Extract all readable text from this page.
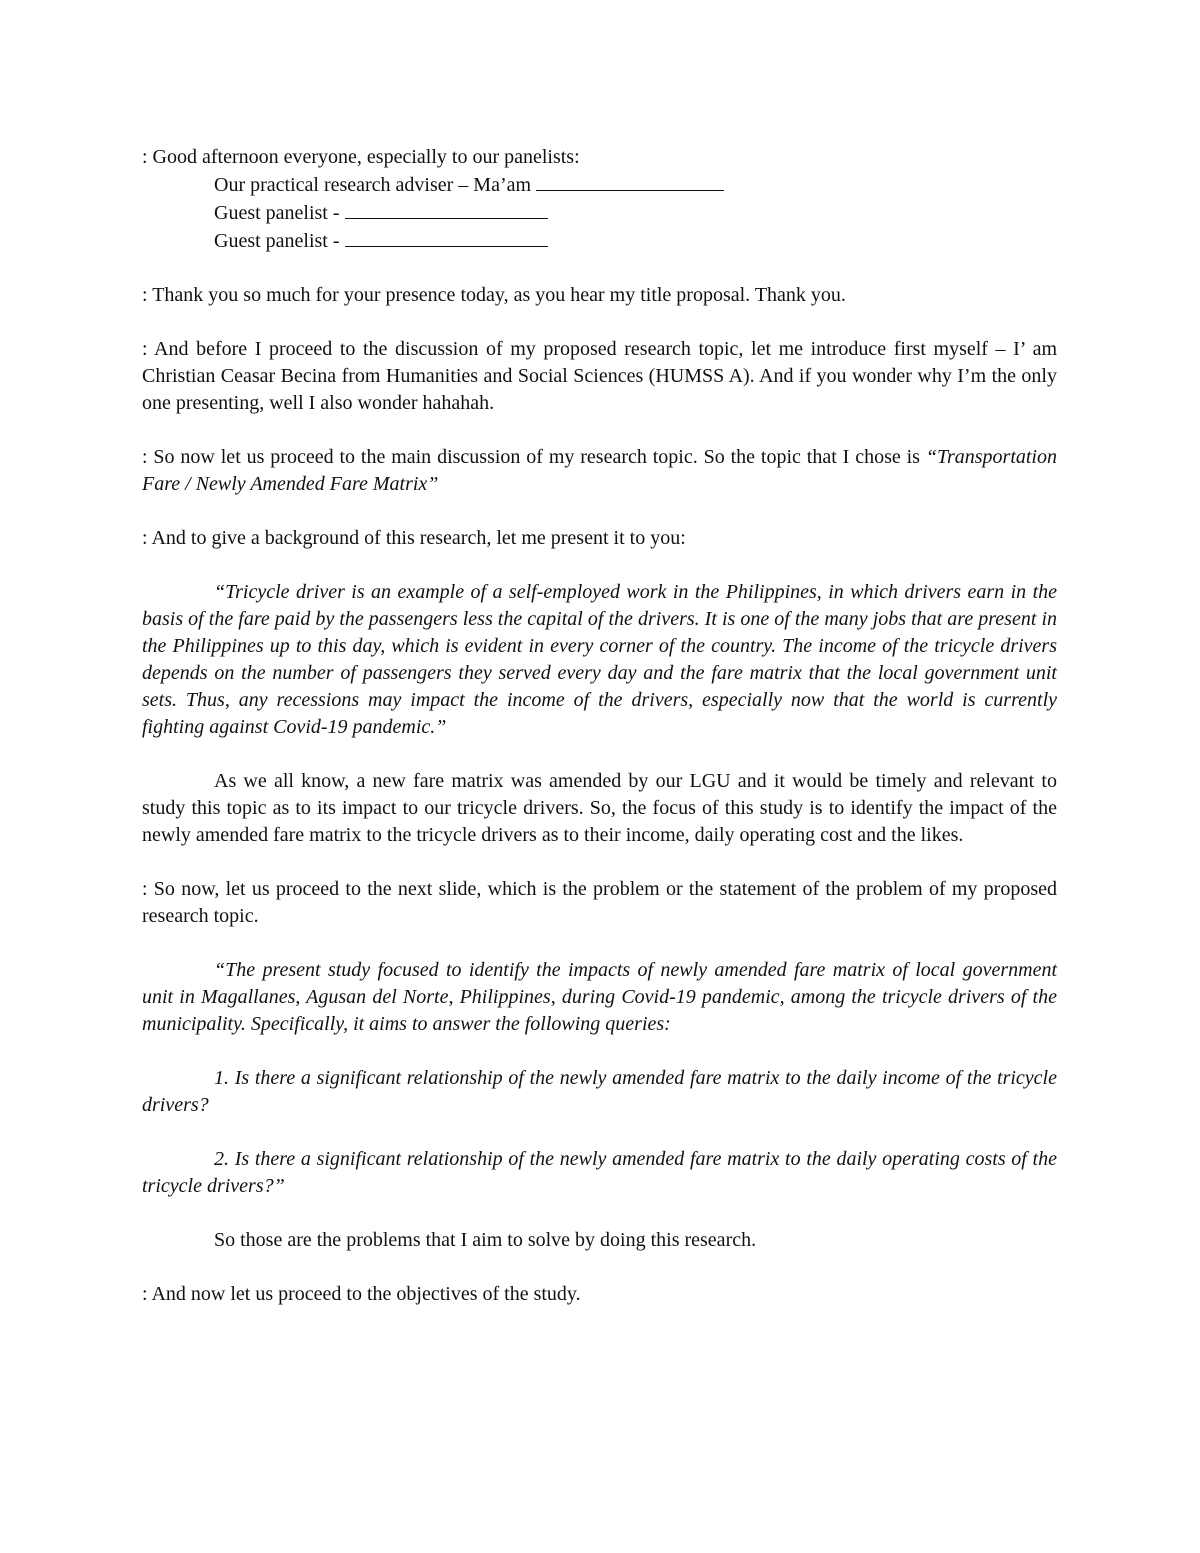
: Good afternoon everyone, especially to our panelists:
Our practical research adviser – Ma’am
Guest panelist -
Guest panelist -

: Thank you so much for your presence today, as you hear my title proposal. Thank you.

: And before I proceed to the discussion of my proposed research topic, let me introduce first myself – I’ am Christian Ceasar Becina from Humanities and Social Sciences (HUMSS A). And if you wonder why I’m the only one presenting, well I also wonder hahahah.

: So now let us proceed to the main discussion of my research topic. So the topic that I chose is “Transportation Fare / Newly Amended Fare Matrix”

: And to give a background of this research, let me present it to you:

“Tricycle driver is an example of a self-employed work in the Philippines, in which drivers earn in the basis of the fare paid by the passengers less the capital of the drivers. It is one of the many jobs that are present in the Philippines up to this day, which is evident in every corner of the country. The income of the tricycle drivers depends on the number of passengers they served every day and the fare matrix that the local government unit sets. Thus, any recessions may impact the income of the drivers, especially now that the world is currently fighting against Covid-19 pandemic.”

As we all know, a new fare matrix was amended by our LGU and it would be timely and relevant to study this topic as to its impact to our tricycle drivers. So, the focus of this study is to identify the impact of the newly amended fare matrix to the tricycle drivers as to their income, daily operating cost and the likes.

: So now, let us proceed to the next slide, which is the problem or the statement of the problem of my proposed research topic.

“The present study focused to identify the impacts of newly amended fare matrix of local government unit in Magallanes, Agusan del Norte, Philippines, during Covid-19 pandemic, among the tricycle drivers of the municipality. Specifically, it aims to answer the following queries:

1. Is there a significant relationship of the newly amended fare matrix to the daily income of the tricycle drivers?

2. Is there a significant relationship of the newly amended fare matrix to the daily operating costs of the tricycle drivers?”

So those are the problems that I aim to solve by doing this research.

: And now let us proceed to the objectives of the study.
